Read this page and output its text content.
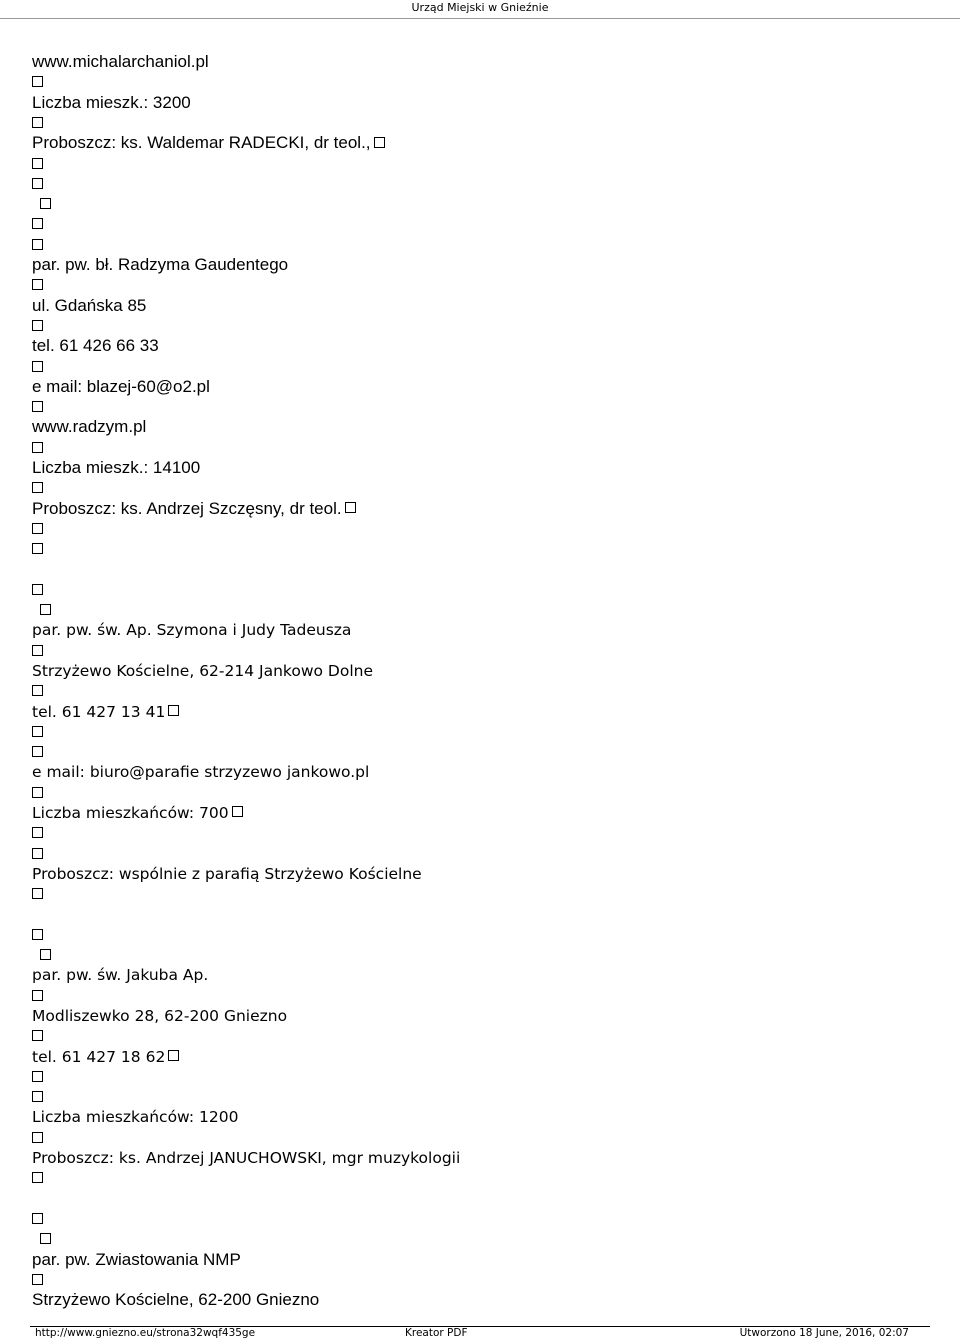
Urząd Miejski w Gnieźnie
www.michalarchaniol.pl
Liczba mieszk.: 3200
Proboszcz: ks. Waldemar RADECKI, dr teol.,
par. pw. bł. Radzyma Gaudentego
ul. Gdańska 85
tel. 61 426 66 33
e mail: blazej-60@o2.pl
www.radzym.pl
Liczba mieszk.: 14100
Proboszcz: ks. Andrzej Szczęsny, dr teol.
par. pw. św. Ap. Szymona i Judy Tadeusza
Strzyżewo Kościelne, 62-214 Jankowo Dolne
tel. 61 427 13 41
e mail: biuro@parafie strzyzewo jankowo.pl
Liczba mieszkańców: 700
Proboszcz: wspólnie z parafią Strzyżewo Kościelne
par. pw. św. Jakuba Ap.
Modliszewko 28, 62-200 Gniezno
tel. 61 427 18 62
Liczba mieszkańców: 1200
Proboszcz: ks. Andrzej JANUCHOWSKI, mgr muzykologii
par. pw. Zwiastowania NMP
Strzyżewo Kościelne, 62-200 Gniezno
http://www.gniezno.eu/strona32wqf435ge	Kreator PDF	Utworzono 18 June, 2016, 02:07
